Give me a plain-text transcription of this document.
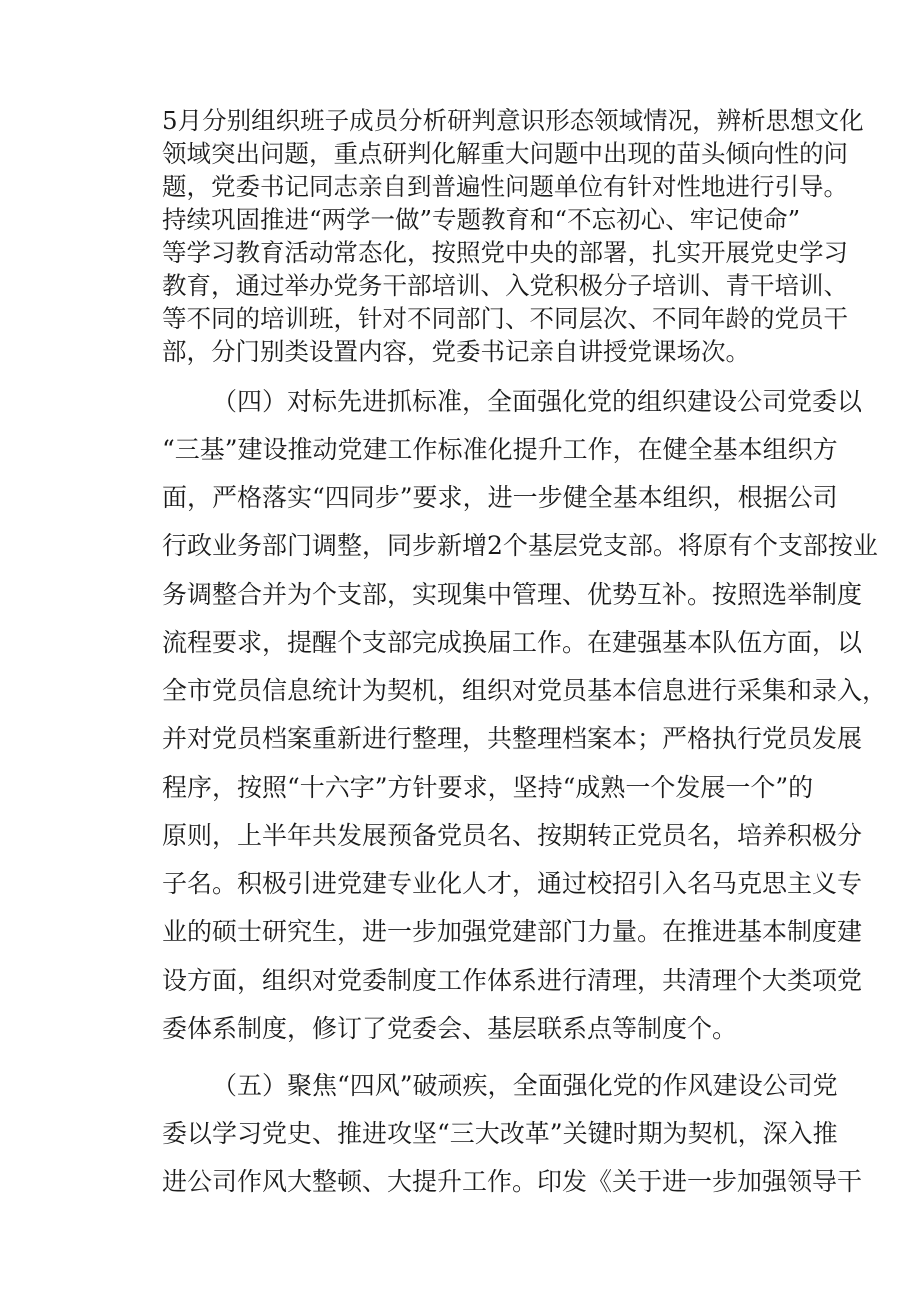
5月分别组织班子成员分析研判意识形态领域情况，辨析思想文化
领域突出问题，重点研判化解重大问题中出现的苗头倾向性的问
题，党委书记同志亲自到普遍性问题单位有针对性地进行引导。
持续巩固推进“两学一做”专题教育和“不忘初心、牢记使命”
等学习教育活动常态化，按照党中央的部署，扎实开展党史学习
教育，通过举办党务干部培训、入党积极分子培训、青干培训、
等不同的培训班，针对不同部门、不同层次、不同年龄的党员干
部，分门别类设置内容，党委书记亲自讲授党课场次。
（四）对标先进抓标准，全面强化党的组织建设公司党委以
“三基”建设推动党建工作标准化提升工作，在健全基本组织方
面，严格落实“四同步”要求，进一步健全基本组织，根据公司
行政业务部门调整，同步新增2个基层党支部。将原有个支部按业
务调整合并为个支部，实现集中管理、优势互补。按照选举制度
流程要求，提醒个支部完成换届工作。在建强基本队伍方面，以
全市党员信息统计为契机，组织对党员基本信息进行采集和录入，
并对党员档案重新进行整理，共整理档案本；严格执行党员发展
程序，按照“十六字”方针要求，坚持“成熟一个发展一个”的
原则，上半年共发展预备党员名、按期转正党员名，培养积极分
子名。积极引进党建专业化人才，通过校招引入名马克思主义专
业的硕士研究生，进一步加强党建部门力量。在推进基本制度建
设方面，组织对党委制度工作体系进行清理，共清理个大类项党
委体系制度，修订了党委会、基层联系点等制度个。
（五）聚焦“四风”破顽疾，全面强化党的作风建设公司党
委以学习党史、推进攻坚“三大改革”关键时期为契机，深入推
进公司作风大整顿、大提升工作。印发《关于进一步加强领导干
